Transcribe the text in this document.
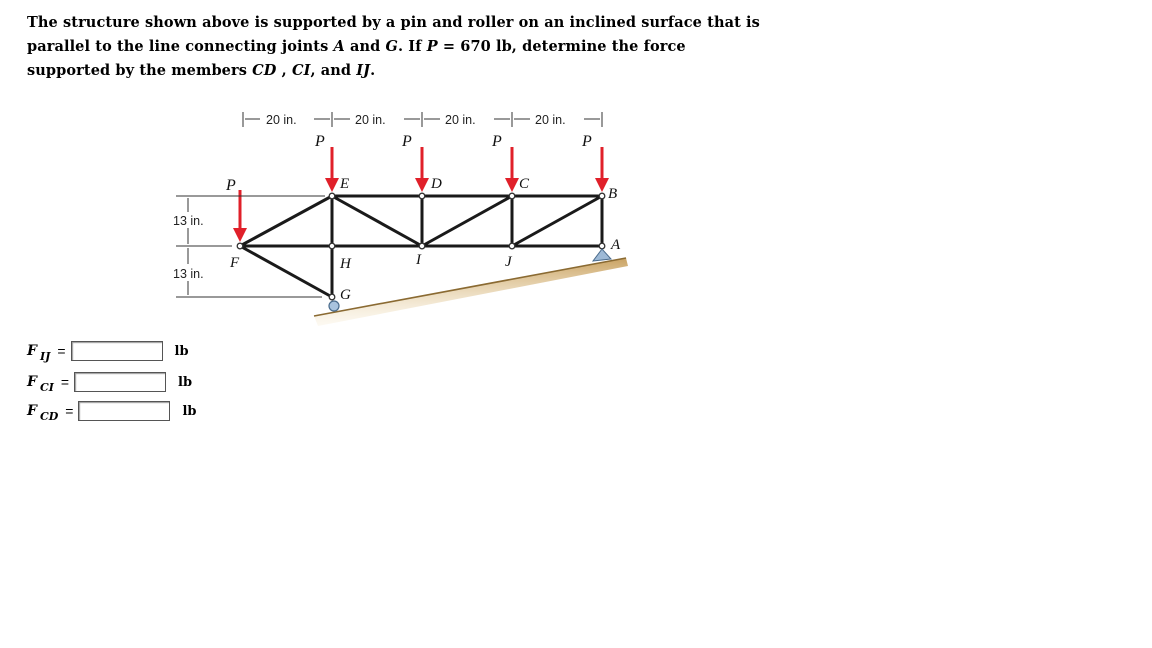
The structure shown above is supported by a pin and roller on an inclined surface that is
parallel to the line connecting joints A and G. If P = 670 lb, determine the force
supported by the members CD , CI, and IJ.
P
P	P	P	P
E	D	C
B
A
F	H	I	J
G
20 in.	20 in.	20 in.	20 in.
13 in.
13 in.
F $_{IJ}$ =	lb
F $_{CI}$ =	lb
F $_{CD}$ =	lb
